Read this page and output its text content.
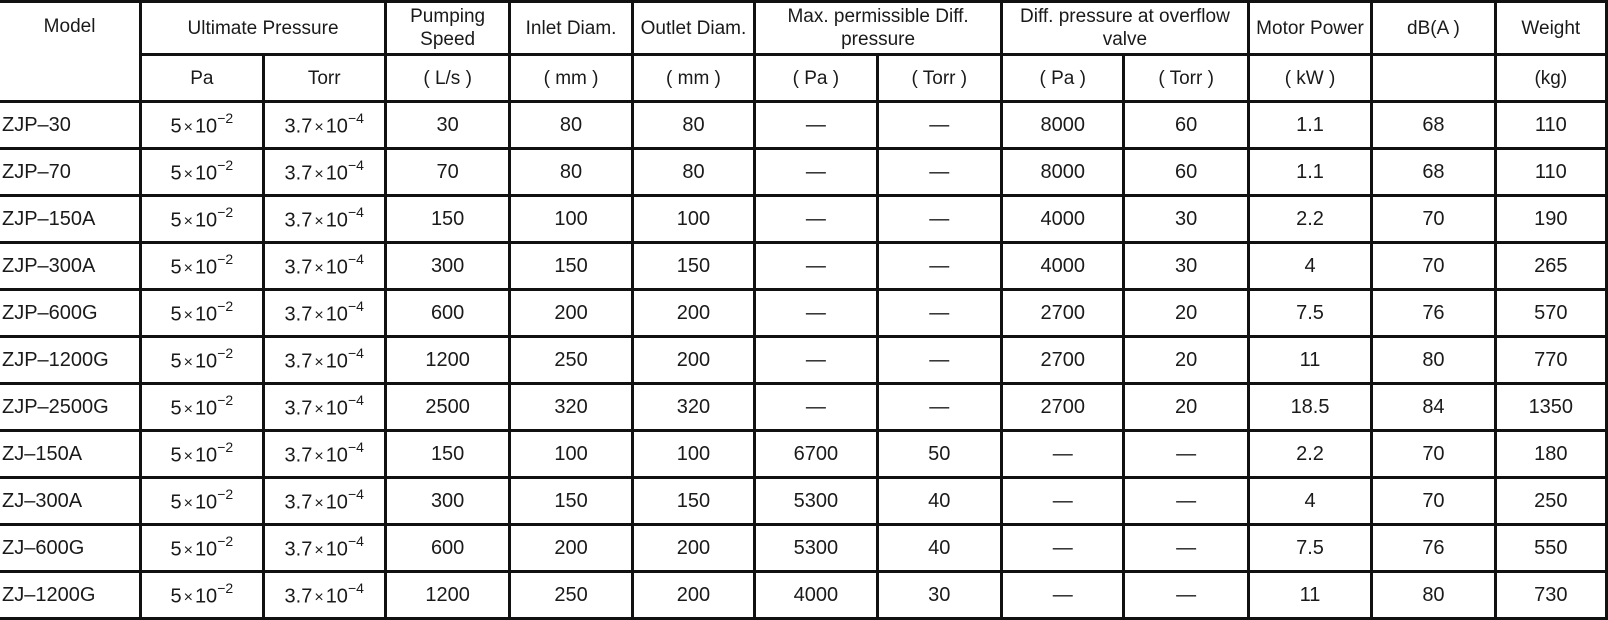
Model	Ultimate Pressure		Pumping Speed	Inlet Diam.	Outlet Diam.	Max. permissible Diff. pressure		Diff. pressure at overflow valve		Motor Power	dB(A )	Weight
	Pa	Torr	( L/s )	( mm )	( mm )	( Pa )	( Torr )	( Pa )	( Torr )	( kW )		(kg)
ZJP–30	$5 \times 10^{-2}$	$3.7 \times 10^{-4}$	30	80	80	—	—	8000	60	1.1	68	110
ZJP–70	$5 \times 10^{-2}$	$3.7 \times 10^{-4}$	70	80	80	—	—	8000	60	1.1	68	110
ZJP–150A	$5 \times 10^{-2}$	$3.7 \times 10^{-4}$	150	100	100	—	—	4000	30	2.2	70	190
ZJP–300A	$5 \times 10^{-2}$	$3.7 \times 10^{-4}$	300	150	150	—	—	4000	30	4	70	265
ZJP–600G	$5 \times 10^{-2}$	$3.7 \times 10^{-4}$	600	200	200	—	—	2700	20	7.5	76	570
ZJP–1200G	$5 \times 10^{-2}$	$3.7 \times 10^{-4}$	1200	250	200	—	—	2700	20	11	80	770
ZJP–2500G	$5 \times 10^{-2}$	$3.7 \times 10^{-4}$	2500	320	320	—	—	2700	20	18.5	84	1350
ZJ–150A	$5 \times 10^{-2}$	$3.7 \times 10^{-4}$	150	100	100	6700	50	—	—	2.2	70	180
ZJ–300A	$5 \times 10^{-2}$	$3.7 \times 10^{-4}$	300	150	150	5300	40	—	—	4	70	250
ZJ–600G	$5 \times 10^{-2}$	$3.7 \times 10^{-4}$	600	200	200	5300	40	—	—	7.5	76	550
ZJ–1200G	$5 \times 10^{-2}$	$3.7 \times 10^{-4}$	1200	250	200	4000	30	—	—	11	80	730
